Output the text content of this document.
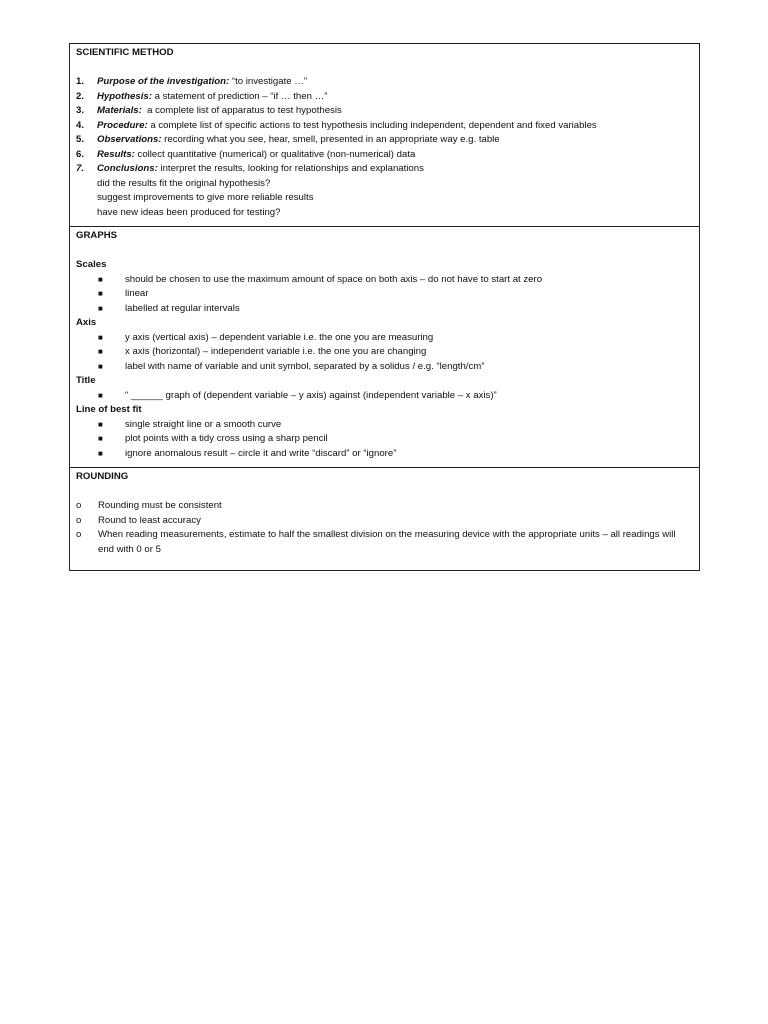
SCIENTIFIC METHOD
1.	Purpose of the investigation: “to investigate …”
2.	Hypothesis: a statement of prediction – “if … then …”
3.	Materials:  a complete list of apparatus to test hypothesis
4.	Procedure: a complete list of specific actions to test hypothesis including independent, dependent and fixed variables
5.	Observations: recording what you see, hear, smell, presented in an appropriate way e.g. table
6.	Results: collect quantitative (numerical) or qualitative (non-numerical) data
7.	Conclusions: interpret the results, looking for relationships and explanations
did the results fit the original hypothesis?
suggest improvements to give more reliable results
have new ideas been produced for testing?
GRAPHS
Scales
■	should be chosen to use the maximum amount of space on both axis – do not have to start at zero
■	linear
■	labelled at regular intervals
Axis
■	y axis (vertical axis) – dependent variable i.e. the one you are measuring
■	x axis (horizontal) – independent variable i.e. the one you are changing
■	label with name of variable and unit symbol, separated by a solidus / e.g. “length/cm”
Title
■	“ ______ graph of (dependent variable – y axis) against (independent variable – x axis)”
Line of best fit
■	single straight line or a smooth curve
■	plot points with a tidy cross using a sharp pencil
■	ignore anomalous result – circle it and write “discard” or “ignore”
ROUNDING
o	Rounding must be consistent
o	Round to least accuracy
o	When reading measurements, estimate to half the smallest division on the measuring device with the appropriate units – all readings will end with 0 or 5
